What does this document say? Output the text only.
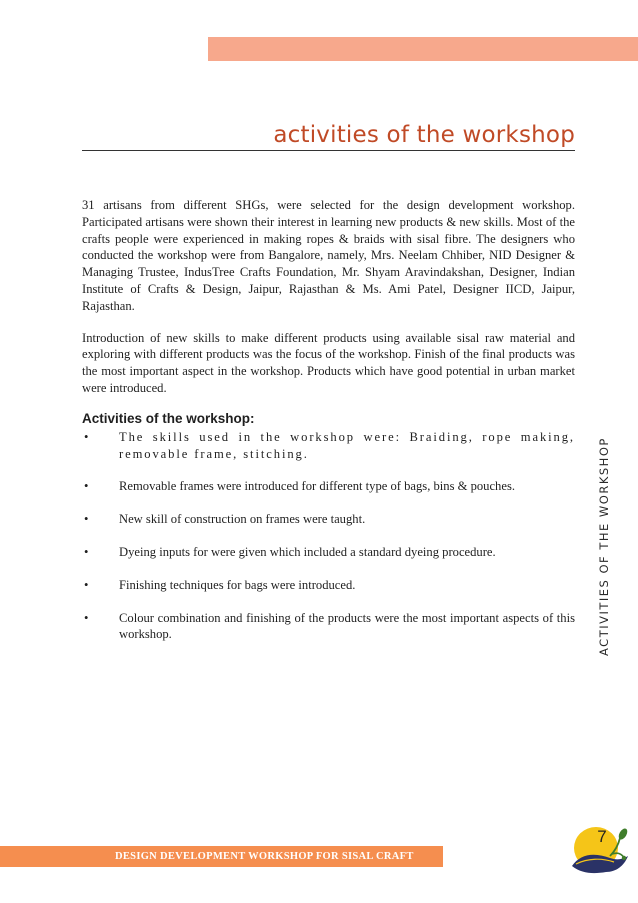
activities of the workshop

31 artisans from different SHGs, were selected for the design development workshop. Participated artisans were shown their interest in learning new products & new skills. Most of the crafts people were experienced in making ropes & braids with sisal fibre. The designers who conducted the workshop were from Bangalore, namely, Mrs. Neelam Chhiber, NID Designer & Managing Trustee, IndusTree Crafts Foundation, Mr. Shyam Aravindakshan, Designer, Indian Institute of Crafts & Design, Jaipur, Rajasthan & Ms. Ami Patel, Designer IICD, Jaipur, Rajasthan.

Introduction of new skills to make different products using available sisal raw material and exploring with different products was the focus of the workshop. Finish of the final products was the most important aspect in the workshop. Products which have good potential in urban market were introduced.

Activities of the workshop:
• The skills used in the workshop were: Braiding, rope making, removable frame, stitching.
• Removable frames were introduced for different type of bags, bins & pouches.
• New skill of construction on frames were taught.
• Dyeing inputs for were given which included a standard dyeing procedure.
• Finishing techniques for bags were introduced.
• Colour combination and finishing of the products were the most important aspects of this workshop.	ACTIVITIES OF THE WORKSHOP
DESIGN DEVELOPMENT WORKSHOP FOR SISAL CRAFT
7
